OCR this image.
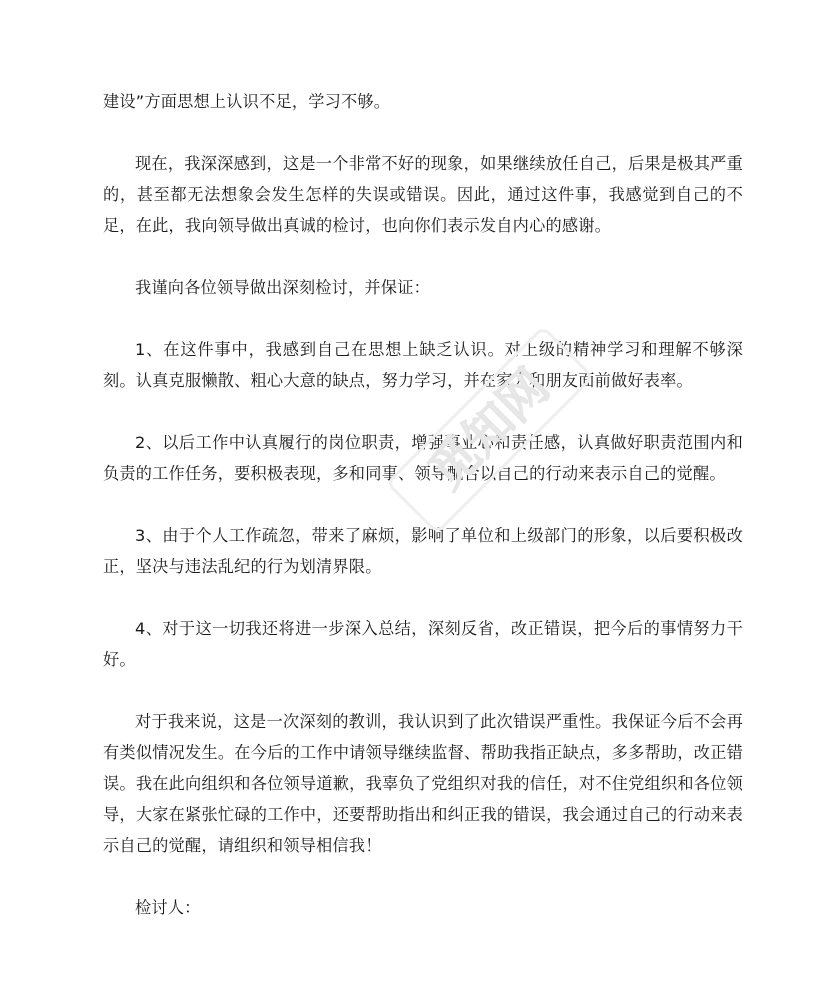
建设”方面思想上认识不足，学习不够。

现在，我深深感到，这是一个非常不好的现象，如果继续放任自己，后果是极其严重的，甚至都无法想象会发生怎样的失误或错误。因此，通过这件事，我感觉到自己的不足，在此，我向领导做出真诚的检讨，也向你们表示发自内心的感谢。

我谨向各位领导做出深刻检讨，并保证：

1、在这件事中，我感到自己在思想上缺乏认识。对上级的精神学习和理解不够深刻。认真克服懒散、粗心大意的缺点，努力学习，并在家人和朋友面前做好表率。

2、以后工作中认真履行的岗位职责，增强事业心和责任感，认真做好职责范围内和负责的工作任务，要积极表现，多和同事、领导配合以自己的行动来表示自己的觉醒。

3、由于个人工作疏忽，带来了麻烦，影响了单位和上级部门的形象，以后要积极改正，坚决与违法乱纪的行为划清界限。

4、对于这一切我还将进一步深入总结，深刻反省，改正错误，把今后的事情努力干好。

对于我来说，这是一次深刻的教训，我认识到了此次错误严重性。我保证今后不会再有类似情况发生。在今后的工作中请领导继续监督、帮助我指正缺点，多多帮助，改正错误。我在此向组织和各位领导道歉，我辜负了党组织对我的信任，对不住党组织和各位领导，大家在紧张忙碌的工作中，还要帮助指出和纠正我的错误，我会通过自己的行动来表示自己的觉醒，请组织和领导相信我！

检讨人：

觅知网
